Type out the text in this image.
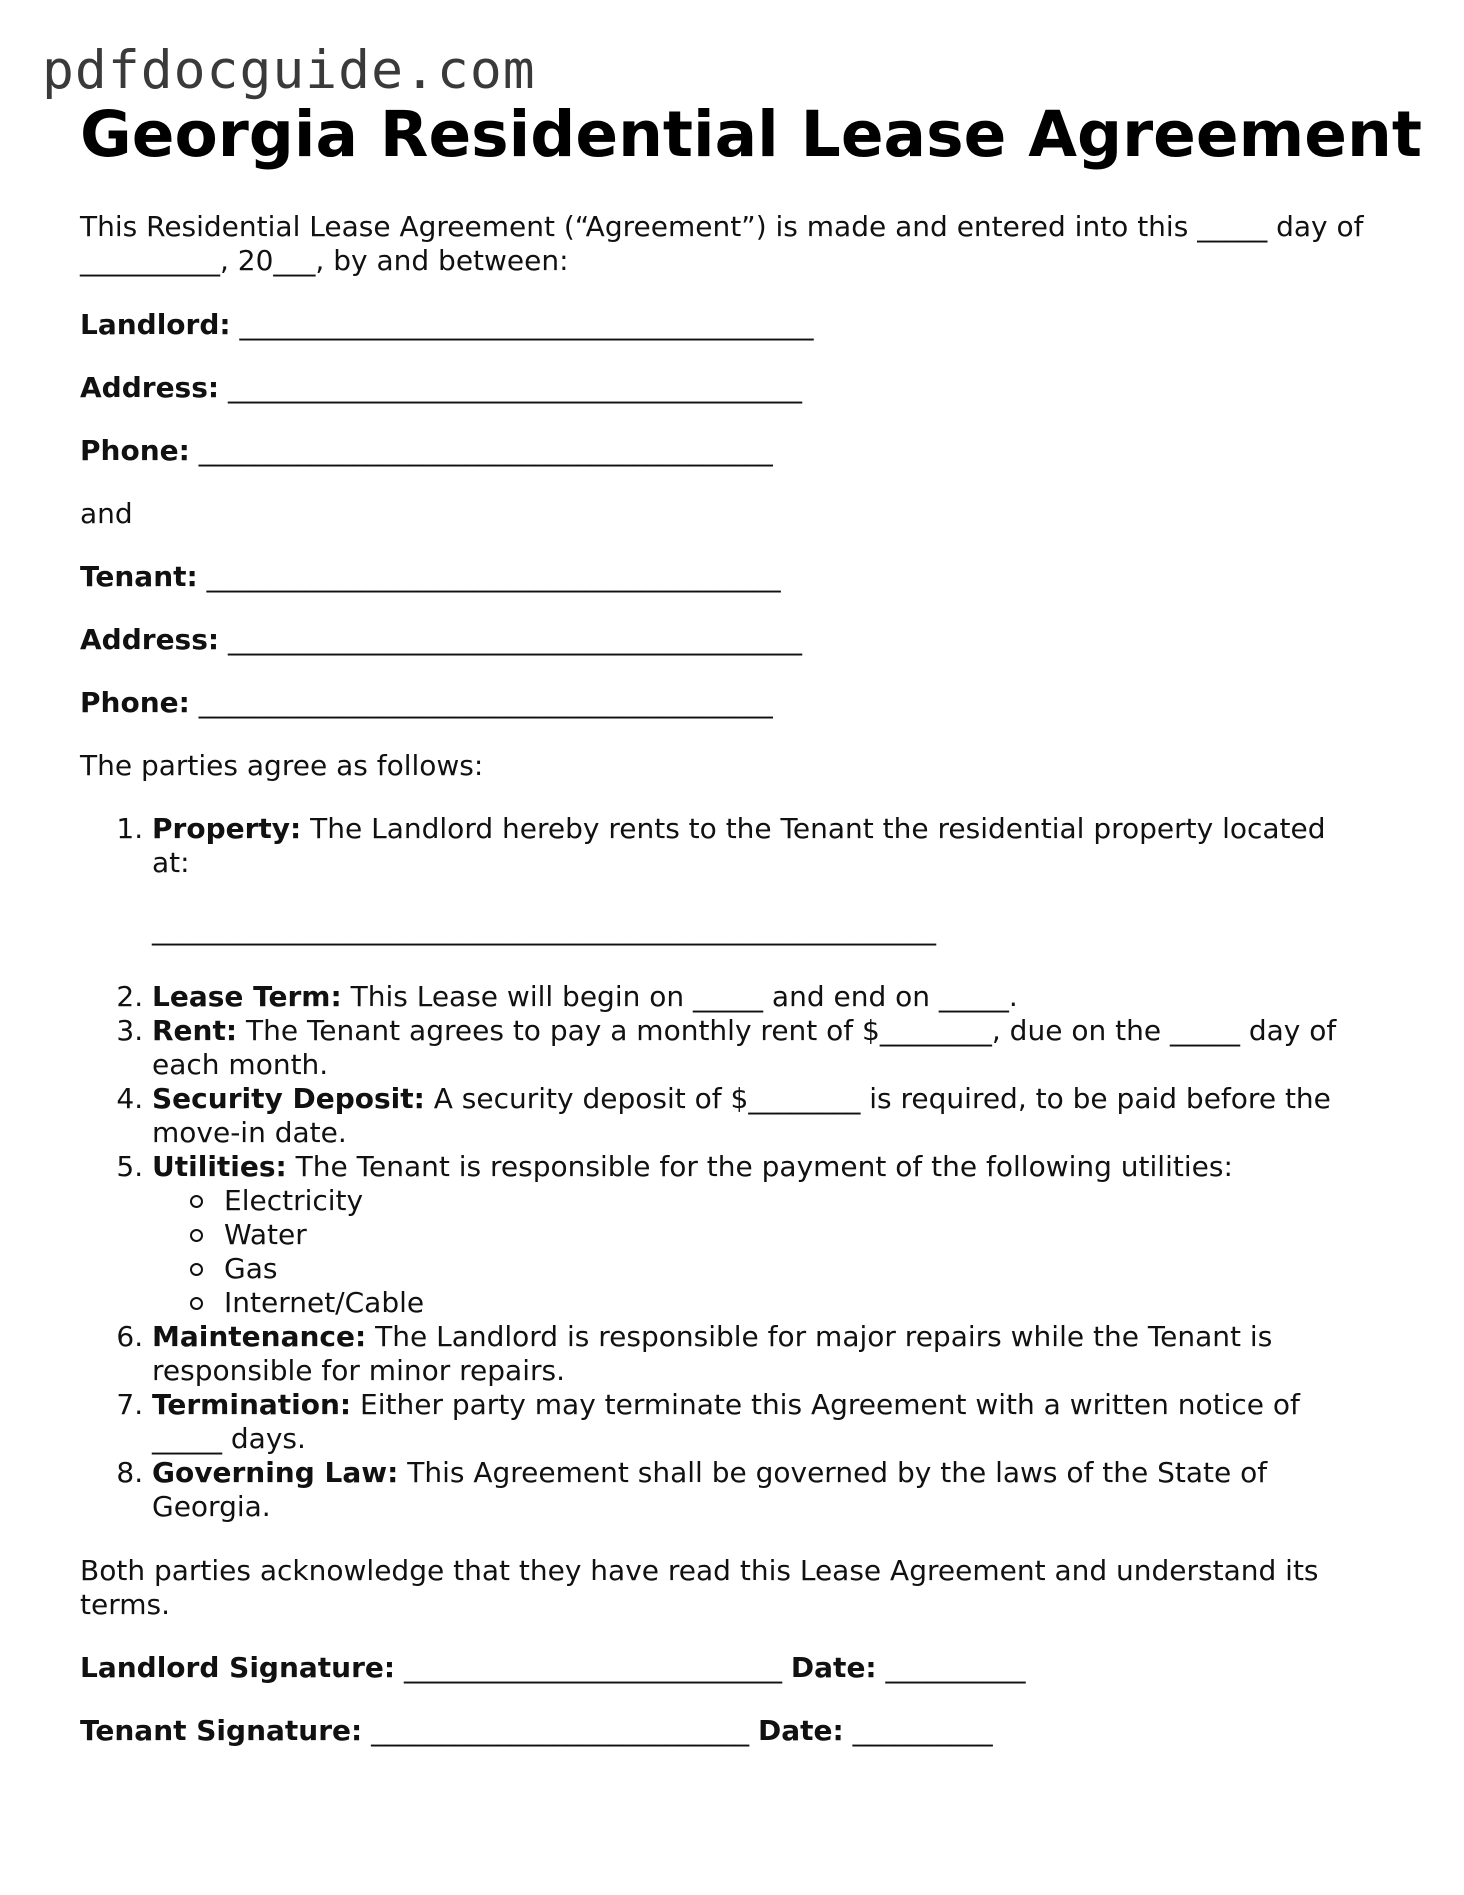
pdfdocguide.com
Georgia Residential Lease Agreement

This Residential Lease Agreement (“Agreement”) is made and entered into this _____ day of __________, 20___, by and between:

Landlord: _________________________________________

Address: _________________________________________

Phone: _________________________________________

and

Tenant: _________________________________________

Address: _________________________________________

Phone: _________________________________________

The parties agree as follows:

1. Property: The Landlord hereby rents to the Tenant the residential property located at:
________________________________________________________
2. Lease Term: This Lease will begin on _____ and end on _____.
3. Rent: The Tenant agrees to pay a monthly rent of $________, due on the _____ day of each month.
4. Security Deposit: A security deposit of $________ is required, to be paid before the move-in date.
5. Utilities: The Tenant is responsible for the payment of the following utilities:
Electricity
Water
Gas
Internet/Cable
6. Maintenance: The Landlord is responsible for major repairs while the Tenant is responsible for minor repairs.
7. Termination: Either party may terminate this Agreement with a written notice of _____ days.
8. Governing Law: This Agreement shall be governed by the laws of the State of Georgia.

Both parties acknowledge that they have read this Lease Agreement and understand its terms.

Landlord Signature: ___________________________ Date: __________

Tenant Signature: ___________________________ Date: __________
